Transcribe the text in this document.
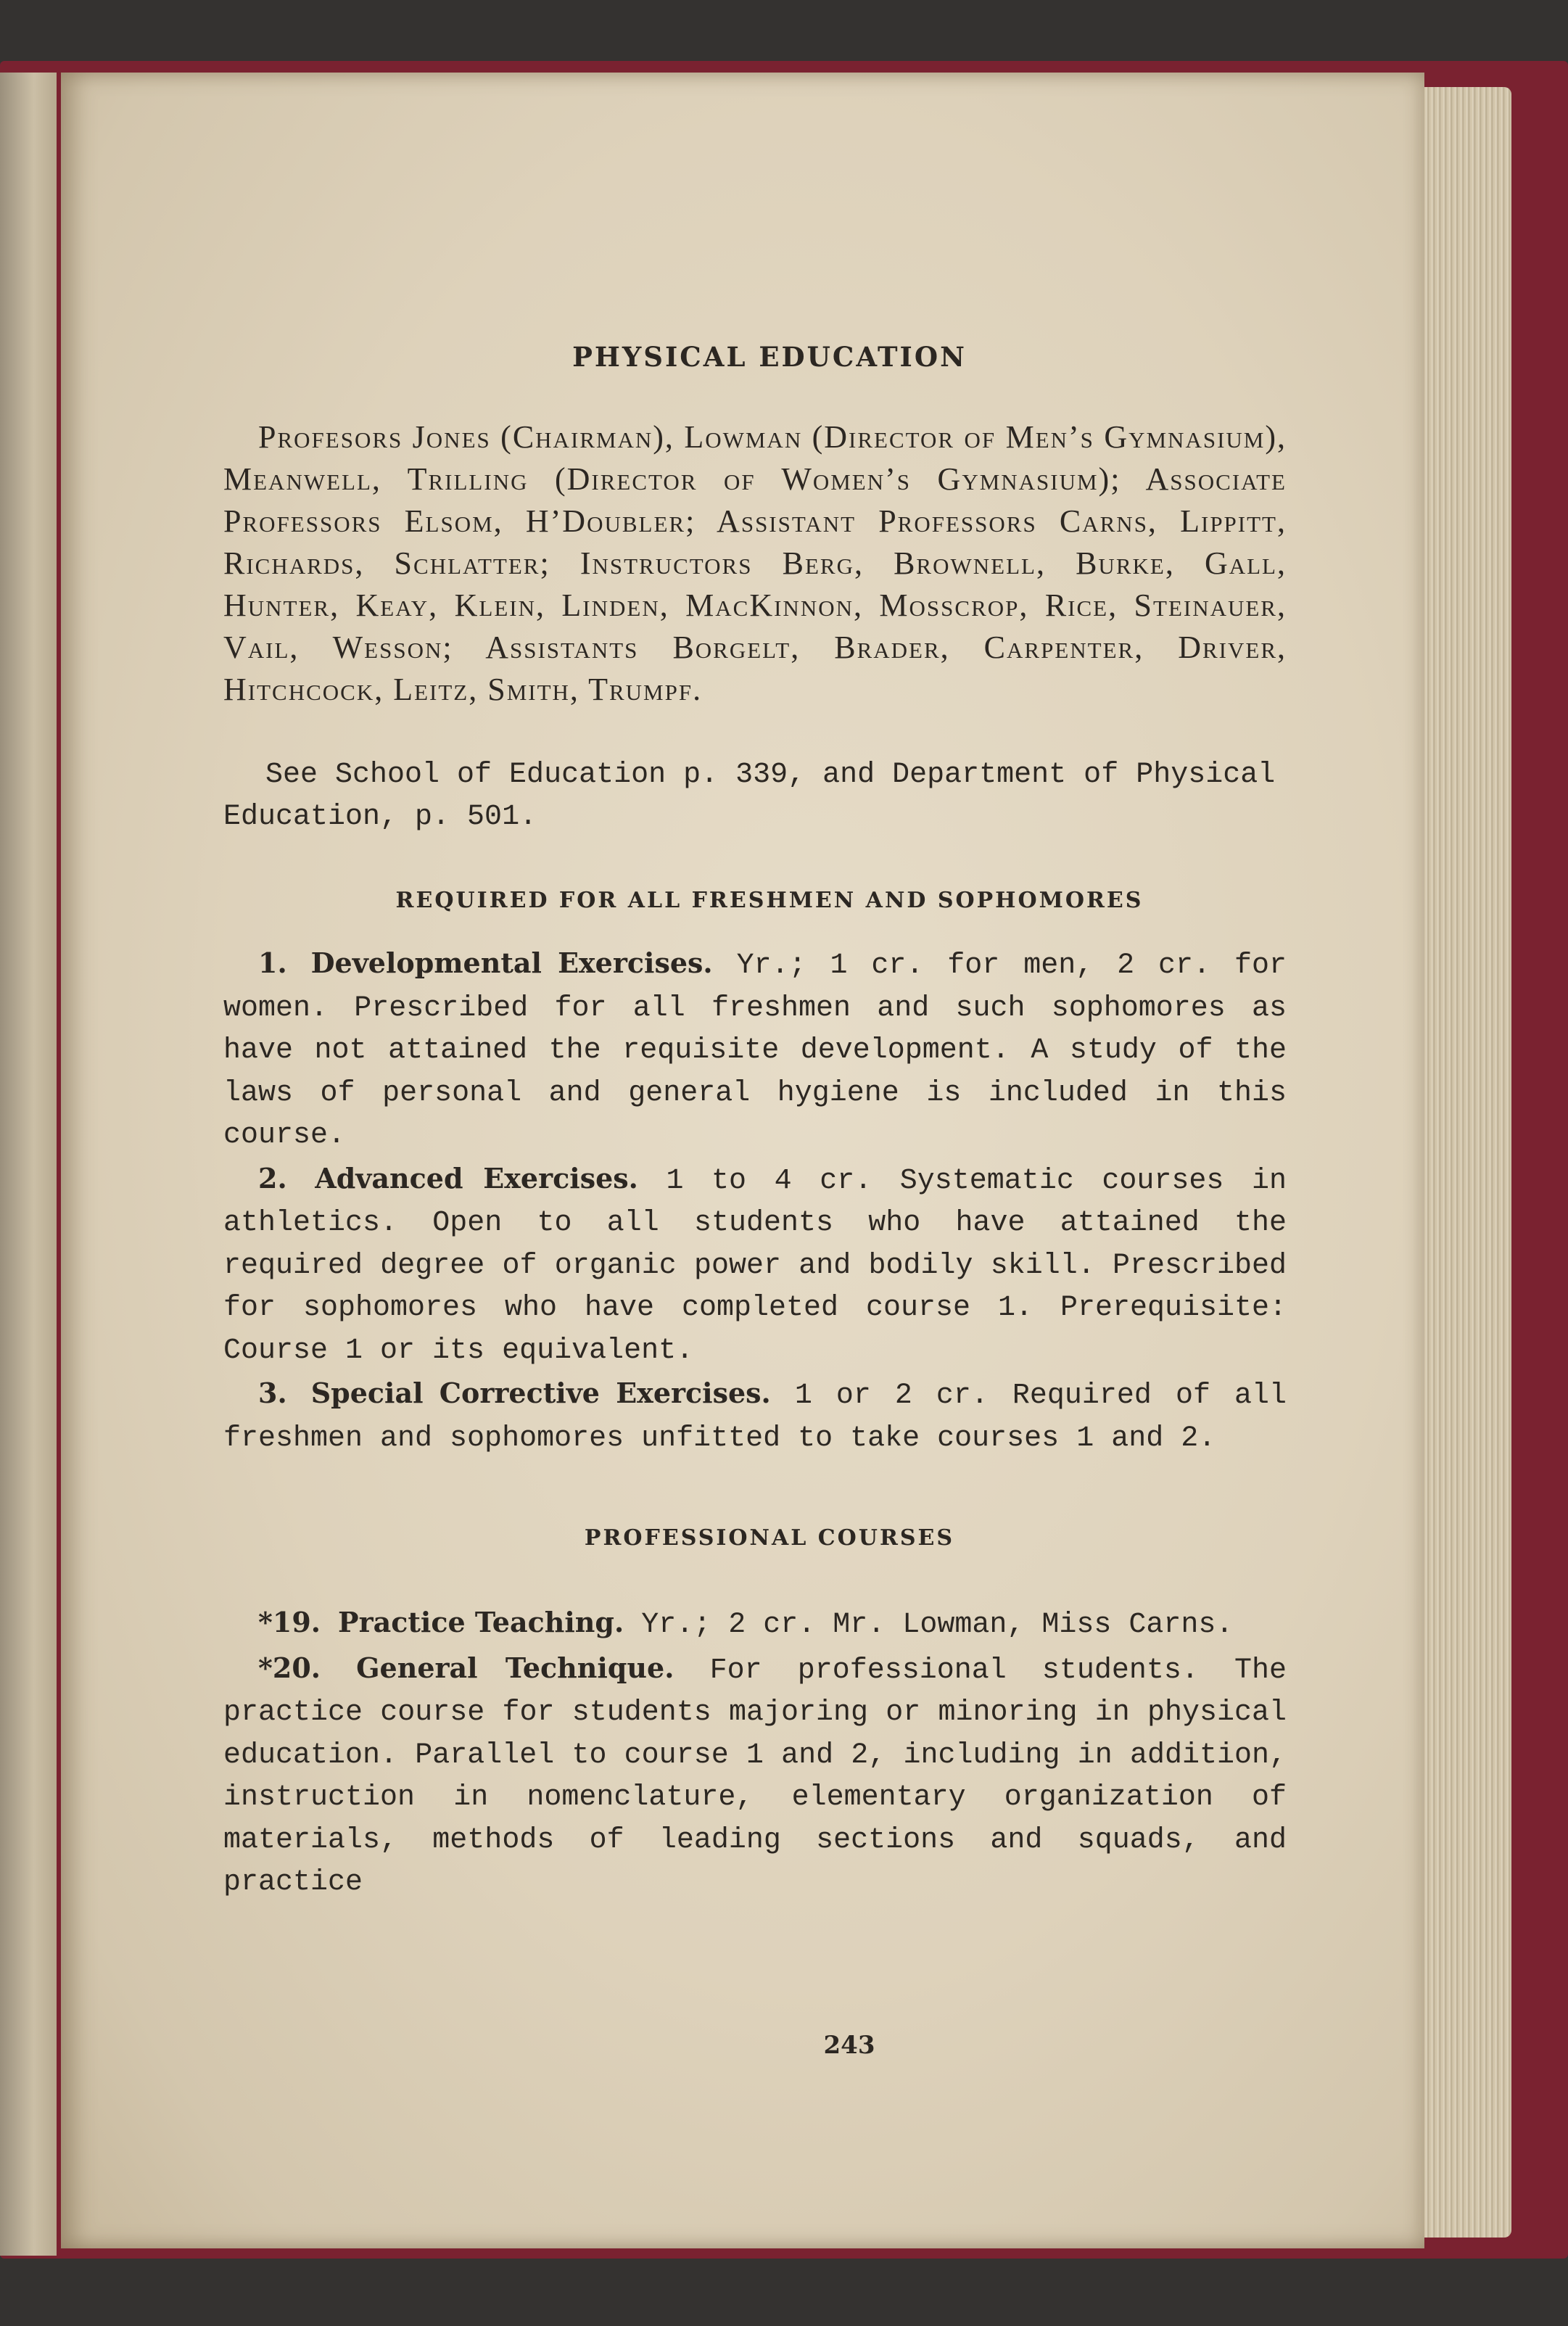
PHYSICAL EDUCATION

Profesors Jones (Chairman), Lowman (Director of Men’s Gymnasium), Meanwell, Trilling (Director of Women’s Gymnasium); Associate Professors Elsom, H’Doubler; Assistant Professors Carns, Lippitt, Richards, Schlatter; Instructors Berg, Brownell, Burke, Gall, Hunter, Keay, Klein, Linden, MacKinnon, Mosscrop, Rice, Steinauer, Vail, Wesson; Assistants Borgelt, Brader, Carpenter, Driver, Hitchcock, Leitz, Smith, Trumpf.

See School of Education p. 339, and Department of Physical Education, p. 501.

REQUIRED FOR ALL FRESHMEN AND SOPHOMORES

1. Developmental Exercises. Yr.; 1 cr. for men, 2 cr. for women. Prescribed for all freshmen and such sophomores as have not attained the requisite development. A study of the laws of personal and general hygiene is included in this course.

2. Advanced Exercises. 1 to 4 cr. Systematic courses in athletics. Open to all students who have attained the required degree of organic power and bodily skill. Prescribed for sophomores who have completed course 1. Prerequisite: Course 1 or its equivalent.

3. Special Corrective Exercises. 1 or 2 cr. Required of all freshmen and sophomores unfitted to take courses 1 and 2.

PROFESSIONAL COURSES

*19. Practice Teaching. Yr.; 2 cr. Mr. Lowman, Miss Carns.

*20. General Technique. For professional students. The practice course for students majoring or minoring in physical education. Parallel to course 1 and 2, including in addition, instruction in nomenclature, elementary organization of materials, methods of leading sections and squads, and practice

243
